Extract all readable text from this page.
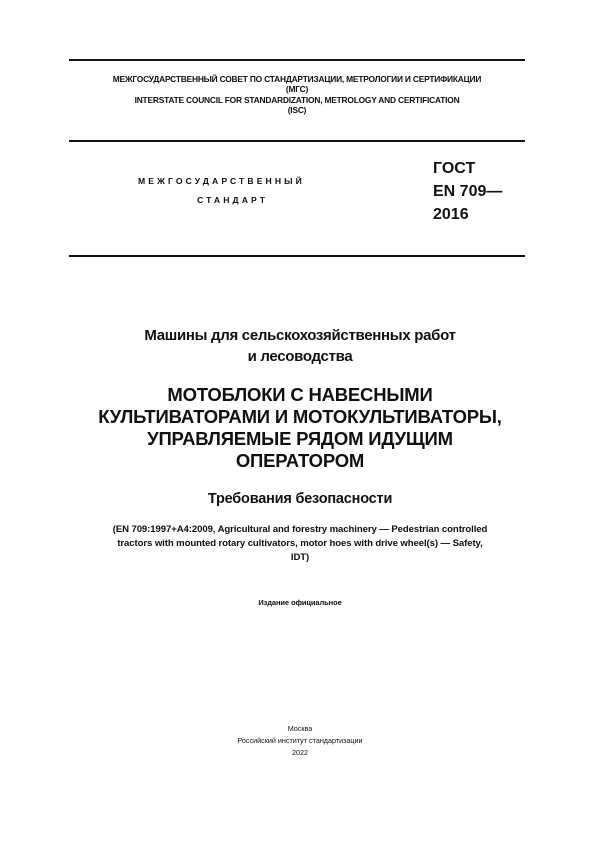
МЕЖГОСУДАРСТВЕННЫЙ СОВЕТ ПО СТАНДАРТИЗАЦИИ, МЕТРОЛОГИИ И СЕРТИФИКАЦИИ
(МГС)
INTERSTATE COUNCIL FOR STANDARDIZATION, METROLOGY AND CERTIFICATION
(ISC)
МЕЖГОСУДАРСТВЕННЫЙ
СТАНДАРТ
ГОСТ
EN 709—
2016
Машины для сельскохозяйственных работ
и лесоводства
МОТОБЛОКИ С НАВЕСНЫМИ
КУЛЬТИВАТОРАМИ И МОТОКУЛЬТИВАТОРЫ,
УПРАВЛЯЕМЫЕ РЯДОМ ИДУЩИМ
ОПЕРАТОРОМ
Требования безопасности
(EN 709:1997+A4:2009, Agricultural and forestry machinery — Pedestrian controlled
tractors with mounted rotary cultivators, motor hoes with drive wheel(s) — Safety,
IDT)
Издание официальное
Москва
Российский институт стандартизации
2022
